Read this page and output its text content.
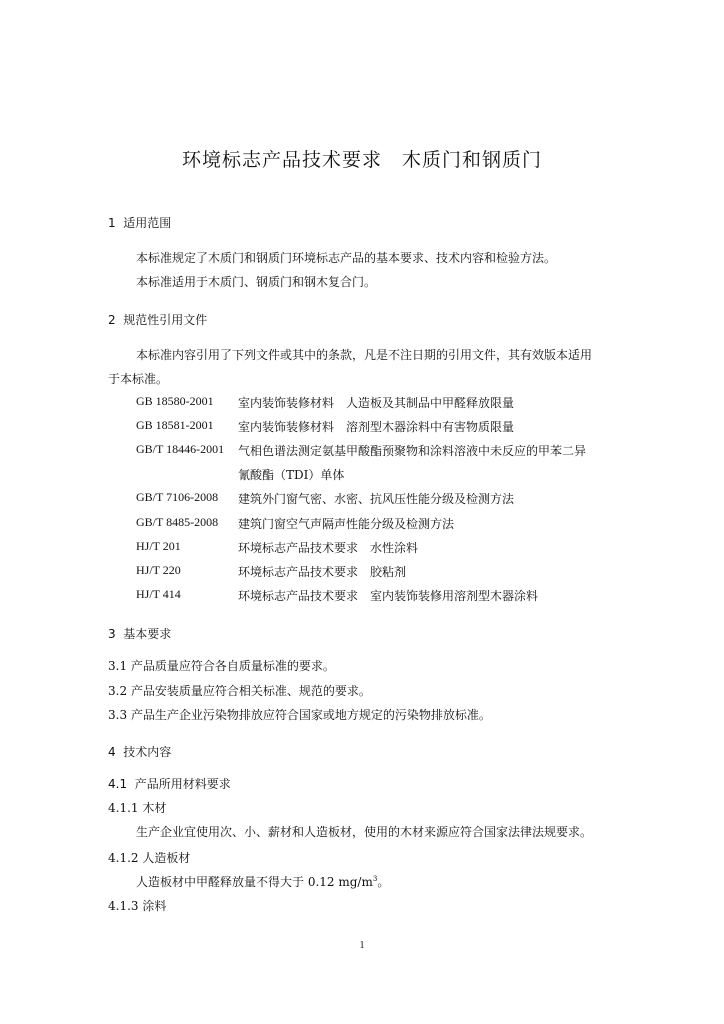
环境标志产品技术要求　木质门和钢质门
1  适用范围
本标准规定了木质门和钢质门环境标志产品的基本要求、技术内容和检验方法。
本标准适用于木质门、钢质门和钢木复合门。
2  规范性引用文件
本标准内容引用了下列文件或其中的条款，凡是不注日期的引用文件，其有效版本适用
于本标准。
GB 18580-2001 室内装饰装修材料　人造板及其制品中甲醛释放限量
GB 18581-2001 室内装饰装修材料　溶剂型木器涂料中有害物质限量
GB/T 18446-2001 气相色谱法测定氨基甲酸酯预聚物和涂料溶液中未反应的甲苯二异
氰酸酯（TDI）单体
GB/T 7106-2008 建筑外门窗气密、水密、抗风压性能分级及检测方法
GB/T 8485-2008 建筑门窗空气声隔声性能分级及检测方法
HJ/T 201	环境标志产品技术要求　水性涂料
HJ/T 220	环境标志产品技术要求　胶粘剂
HJ/T 414	环境标志产品技术要求　室内装饰装修用溶剂型木器涂料
3  基本要求
3.1 产品质量应符合各自质量标准的要求。
3.2 产品安装质量应符合相关标准、规范的要求。
3.3 产品生产企业污染物排放应符合国家或地方规定的污染物排放标准。
4  技术内容
4.1  产品所用材料要求
4.1.1 木材
生产企业宜使用次、小、薪材和人造板材，使用的木材来源应符合国家法律法规要求。
4.1.2 人造板材
人造板材中甲醛释放量不得大于 0.12 $mg/m^3$。
4.1.3 涂料
1
